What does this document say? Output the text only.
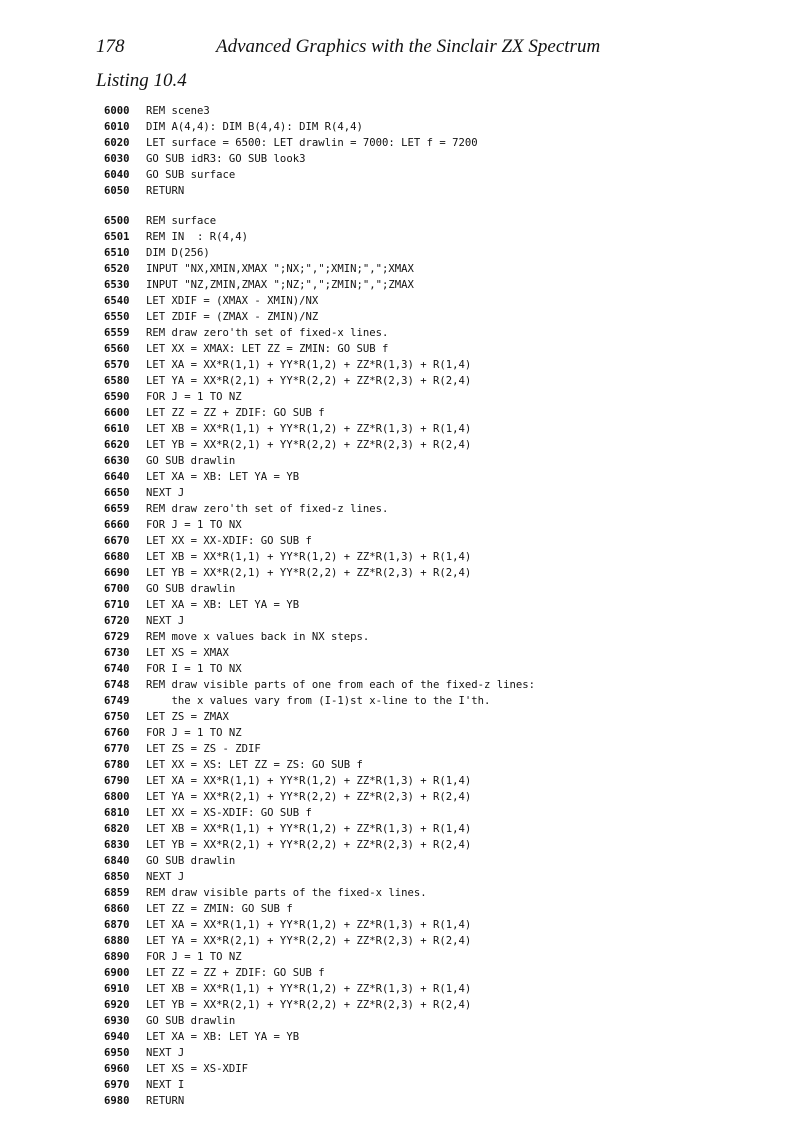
178	Advanced Graphics with the Sinclair ZX Spectrum
Listing 10.4
6000 REM scene3
6010 DIM A(4,4): DIM B(4,4): DIM R(4,4)
6020 LET surface = 6500: LET drawlin = 7000: LET f = 7200
6030 GO SUB idR3: GO SUB look3
6040 GO SUB surface
6050 RETURN
6500 REM surface
6501 REM IN  : R(4,4)
6510 DIM D(256)
6520 INPUT "NX,XMIN,XMAX ";NX;",";XMIN;",";XMAX
6530 INPUT "NZ,ZMIN,ZMAX ";NZ;",";ZMIN;",";ZMAX
6540 LET XDIF = (XMAX - XMIN)/NX
6550 LET ZDIF = (ZMAX - ZMIN)/NZ
6559 REM draw zero'th set of fixed-x lines.
6560 LET XX = XMAX: LET ZZ = ZMIN: GO SUB f
6570 LET XA = XX*R(1,1) + YY*R(1,2) + ZZ*R(1,3) + R(1,4)
6580 LET YA = XX*R(2,1) + YY*R(2,2) + ZZ*R(2,3) + R(2,4)
6590 FOR J = 1 TO NZ
6600 LET ZZ = ZZ + ZDIF: GO SUB f
6610 LET XB = XX*R(1,1) + YY*R(1,2) + ZZ*R(1,3) + R(1,4)
6620 LET YB = XX*R(2,1) + YY*R(2,2) + ZZ*R(2,3) + R(2,4)
6630 GO SUB drawlin
6640 LET XA = XB: LET YA = YB
6650 NEXT J
6659 REM draw zero'th set of fixed-z lines.
6660 FOR J = 1 TO NX
6670 LET XX = XX-XDIF: GO SUB f
6680 LET XB = XX*R(1,1) + YY*R(1,2) + ZZ*R(1,3) + R(1,4)
6690 LET YB = XX*R(2,1) + YY*R(2,2) + ZZ*R(2,3) + R(2,4)
6700 GO SUB drawlin
6710 LET XA = XB: LET YA = YB
6720 NEXT J
6729 REM move x values back in NX steps.
6730 LET XS = XMAX
6740 FOR I = 1 TO NX
6748 REM draw visible parts of one from each of the fixed-z lines:
6749    the x values vary from (I-1)st x-line to the I'th.
6750 LET ZS = ZMAX
6760 FOR J = 1 TO NZ
6770 LET ZS = ZS - ZDIF
6780 LET XX = XS: LET ZZ = ZS: GO SUB f
6790 LET XA = XX*R(1,1) + YY*R(1,2) + ZZ*R(1,3) + R(1,4)
6800 LET YA = XX*R(2,1) + YY*R(2,2) + ZZ*R(2,3) + R(2,4)
6810 LET XX = XS-XDIF: GO SUB f
6820 LET XB = XX*R(1,1) + YY*R(1,2) + ZZ*R(1,3) + R(1,4)
6830 LET YB = XX*R(2,1) + YY*R(2,2) + ZZ*R(2,3) + R(2,4)
6840 GO SUB drawlin
6850 NEXT J
6859 REM draw visible parts of the fixed-x lines.
6860 LET ZZ = ZMIN: GO SUB f
6870 LET XA = XX*R(1,1) + YY*R(1,2) + ZZ*R(1,3) + R(1,4)
6880 LET YA = XX*R(2,1) + YY*R(2,2) + ZZ*R(2,3) + R(2,4)
6890 FOR J = 1 TO NZ
6900 LET ZZ = ZZ + ZDIF: GO SUB f
6910 LET XB = XX*R(1,1) + YY*R(1,2) + ZZ*R(1,3) + R(1,4)
6920 LET YB = XX*R(2,1) + YY*R(2,2) + ZZ*R(2,3) + R(2,4)
6930 GO SUB drawlin
6940 LET XA = XB: LET YA = YB
6950 NEXT J
6960 LET XS = XS-XDIF
6970 NEXT I
6980 RETURN
